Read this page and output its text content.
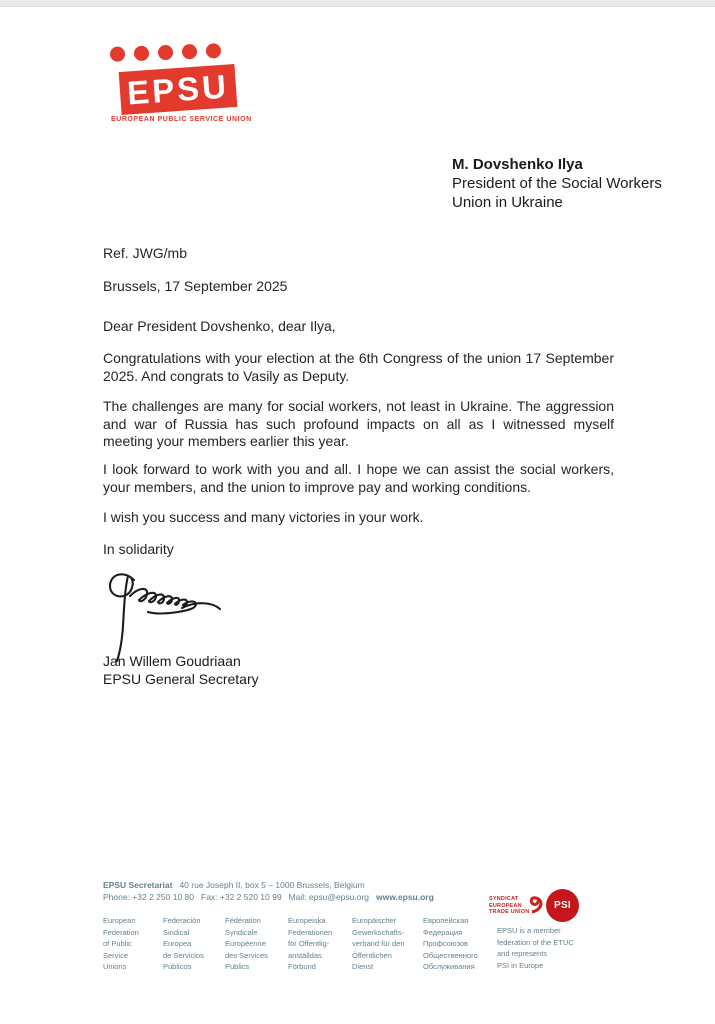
EPSU
EUROPEAN PUBLIC SERVICE UNION
M. Dovshenko Ilya
President of the Social Workers
Union in Ukraine
Ref. JWG/mb
Brussels, 17 September 2025
Dear President Dovshenko, dear Ilya,
Congratulations with your election at the 6th Congress of the union 17 September 2025. And congrats to Vasily as Deputy.
The challenges are many for social workers, not least in Ukraine. The aggression and war of Russia has such profound impacts on all as I witnessed myself meeting your members earlier this year.
I look forward to work with you and all. I hope we can assist the social workers, your members, and the union to improve pay and working conditions.
I wish you success and many victories in your work.
In solidarity
Jan Willem Goudriaan
EPSU General Secretary
EPSU Secretariat 40 rue Joseph II, box 5 – 1000 Brussels, Belgium
Phone: +32 2 250 10 80 Fax: +32 2 520 10 99 Mail: epsu@epsu.org www.epsu.org
European
Federation
of Public
Service
Unions
Federación
Sindical
Europea
de Servicios
Públicos
Fédération
Syndicale
Européenne
des Services
Publics
Europeiska
Federationen
för Offentlig-
anställdas
Förbund
Europäischer
Gewerkschafts-
verband für den
Öffentlichen
Dienst
Европейская
Федерация
Профсоюзов
Общественного
Обслуживания
EPSU is a member
federation of the ETUC
and represents
PSI in Europe
SYNDICAT
EUROPEAN
TRADE UNION
PSI
